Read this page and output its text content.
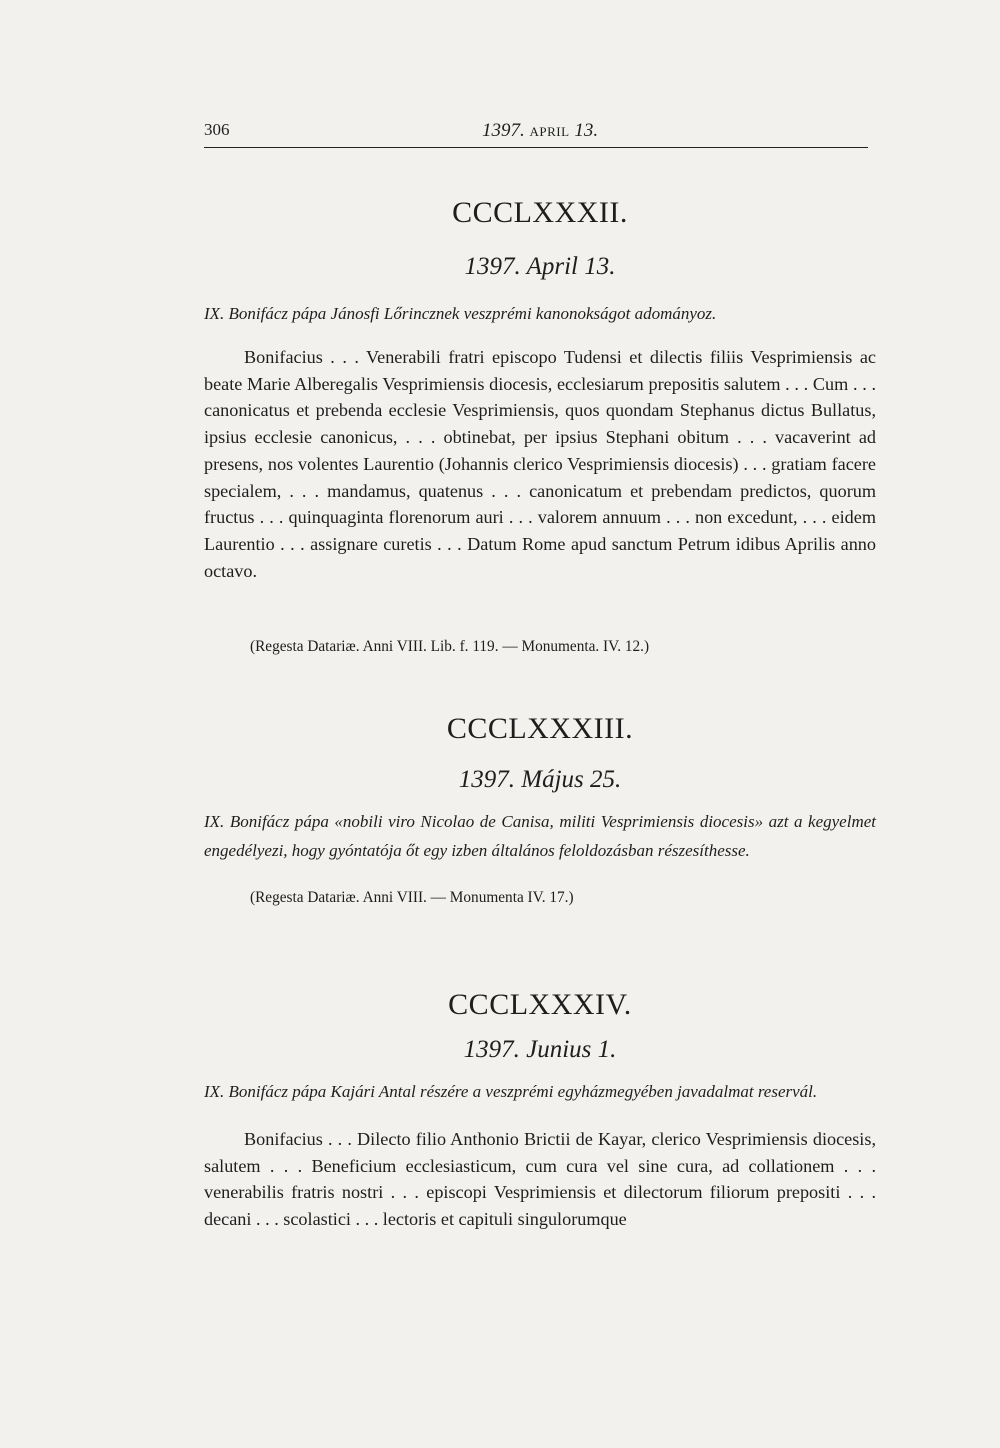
306	1397. APRIL 13.
CCCLXXXII.
1397. April 13.
IX. Bonifácz pápa Jánosfi Lőrincznek veszprémi kanonokságot adományoz.
Bonifacius . . . Venerabili fratri episcopo Tudensi et dilectis filiis Vesprimiensis ac beate Marie Alberegalis Vesprimiensis diocesis, ecclesiarum prepositis salutem . . . Cum . . . canonicatus et prebenda ecclesie Vesprimiensis, quos quondam Stephanus dictus Bullatus, ipsius ecclesie canonicus, . . . obtinebat, per ipsius Stephani obitum . . . vacaverint ad presens, nos volentes Laurentio (Johannis clerico Vesprimiensis diocesis) . . . gratiam facere specialem, . . . mandamus, quatenus . . . canonicatum et prebendam predictos, quorum fructus . . . quinquaginta florenorum auri . . . valorem annuum . . . non excedunt, . . . eidem Laurentio . . . assignare curetis . . . Datum Rome apud sanctum Petrum idibus Aprilis anno octavo.
(Regesta Datariæ. Anni VIII. Lib. f. 119. — Monumenta. IV. 12.)
CCCLXXXIII.
1397. Május 25.
IX. Bonifácz pápa «nobili viro Nicolao de Canisa, militi Vesprimiensis diocesis» azt a kegyelmet engedélyezi, hogy gyóntatója őt egy izben általános feloldozásban részesíthesse.
(Regesta Datariæ. Anni VIII. — Monumenta IV. 17.)
CCCLXXXIV.
1397. Junius 1.
IX. Bonifácz pápa Kajári Antal részére a veszprémi egyházmegyében javadalmat reservál.
Bonifacius . . . Dilecto filio Anthonio Brictii de Kayar, clerico Vesprimiensis diocesis, salutem . . . Beneficium ecclesiasticum, cum cura vel sine cura, ad collationem . . . venerabilis fratris nostri . . . episcopi Vesprimiensis et dilectorum filiorum prepositi . . . decani . . . scolastici . . . lectoris et capituli singulorumque
